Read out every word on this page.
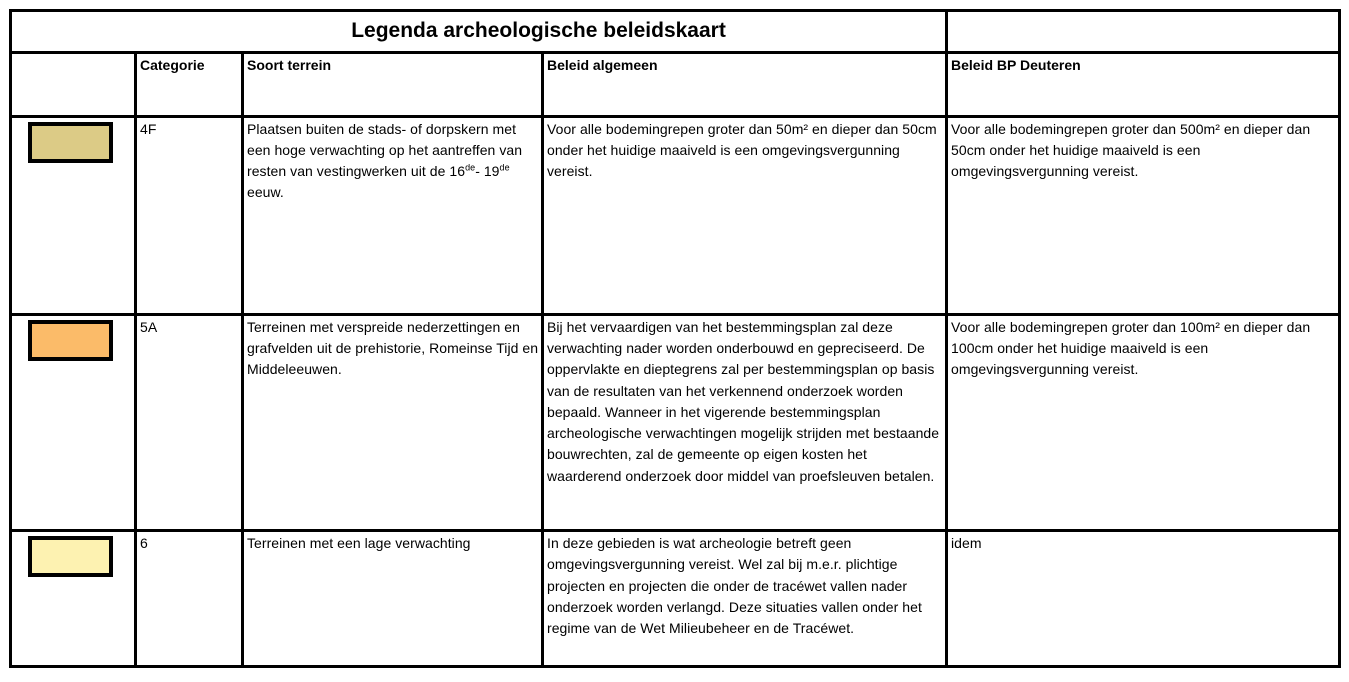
Legenda archeologische beleidskaart				
	Categorie	Soort terrein	Beleid algemeen	Beleid BP Deuteren

	4F	Plaatsen buiten de stads- of dorpskern met een hoge verwachting op het aantreffen van resten van vestingwerken uit de 16de- 19de eeuw.	Voor alle bodemingrepen groter dan 50m² en dieper dan 50cm onder het huidige maaiveld is een omgevingsvergunning vereist.	Voor alle bodemingrepen groter dan 500m² en dieper dan 50cm onder het huidige maaiveld is een omgevingsvergunning vereist.

	5A	Terreinen met verspreide nederzettingen en grafvelden uit de prehistorie, Romeinse Tijd en Middeleeuwen.	Bij het vervaardigen van het bestemmingsplan zal deze verwachting nader worden onderbouwd en gepreciseerd. De oppervlakte en dieptegrens zal per bestemmingsplan op basis van de resultaten van het verkennend onderzoek worden bepaald. Wanneer in het vigerende bestemmingsplan archeologische verwachtingen mogelijk strijden met bestaande bouwrechten, zal de gemeente op eigen kosten het waarderend onderzoek door middel van proefsleuven betalen.	Voor alle bodemingrepen groter dan 100m² en dieper dan 100cm onder het huidige maaiveld is een omgevingsvergunning vereist.

	6	Terreinen met een lage verwachting	In deze gebieden is wat archeologie betreft geen omgevingsvergunning vereist. Wel zal bij m.e.r. plichtige projecten en projecten die onder de tracéwet vallen nader onderzoek worden verlangd. Deze situaties vallen onder het regime van de Wet Milieubeheer en de Tracéwet.	idem
